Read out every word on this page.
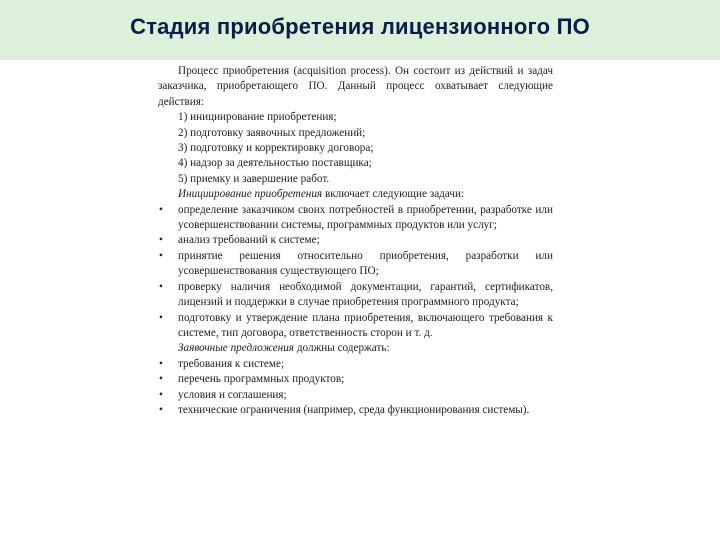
Стадия приобретения лицензионного ПО

Процесс приобретения (acquisition process). Он состоит из действий и задач заказчика, приобретающего ПО. Данный процесс охватывает следующие действия:

1) инициирование приобретения;

2) подготовку заявочных предложений;

3) подготовку и корректировку договора;

4) надзор за деятельностью поставщика;

5) приемку и завершение работ.

Инициирование приобретения включает следующие задачи:

• определение заказчиком своих потребностей в приобретении, разработке или усовершенствовании системы, программных продуктов или услуг;

• анализ требований к системе;

• принятие решения относительно приобретения, разработки или усовершенствования существующего ПО;

• проверку наличия необходимой документации, гарантий, сертификатов, лицензий и поддержки в случае приобретения программного продукта;

• подготовку и утверждение плана приобретения, включающего требования к системе, тип договора, ответственность сторон и т. д.

Заявочные предложения должны содержать:

• требования к системе;

• перечень программных продуктов;

• условия и соглашения;

• технические ограничения (например, среда функционирования системы).
